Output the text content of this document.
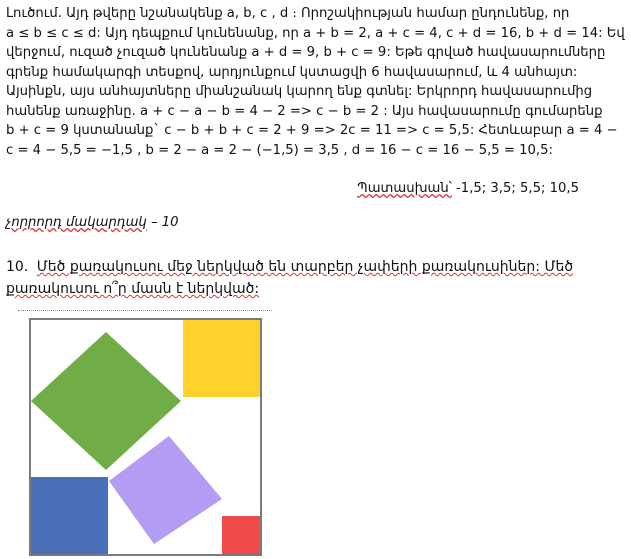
Լուծում. Այդ թվերը նշանակենք a, b, c , d ։ Որոշակիության համար ընդունենք, որ
a ≤ b ≤ c ≤ d: Այդ դեպքում կունենանք, որ a + b = 2, a + c = 4, c + d = 16, b + d = 14: Եվ
վերջում, ուզած չուզած կունենանք a + d = 9, b + c = 9: Եթե գրված հավասարումները
գրենք համակարգի տեսքով, արդյունքում կստացվի 6 հավասարում, և 4 անհայտ:
Այսինքն, այս անհայտները միանշանակ կարող ենք գտնել: Երկրորդ հավասարումից
հանենք առաջինը. a + c − a − b = 4 − 2 => c − b = 2 : Այս հավասարումը գումարենք
b + c = 9 կստանանք` c − b + b + c = 2 + 9 => 2c = 11 => c = 5,5: Հետևաբար a = 4 −
c = 4 − 5,5 = −1,5 , b = 2 − a = 2 − (−1,5) = 3,5 , d = 16 − c = 16 − 5,5 = 10,5:
Պատասխան՝ -1,5; 3,5; 5,5; 10,5
չորրորդ մակարդակ – 10
10. Մեծ քառակուսու մեջ ներկված են տարբեր չափերի քառակուսիներ: Մեծ
քառակուսու ո՞ր մասն է ներկված:
